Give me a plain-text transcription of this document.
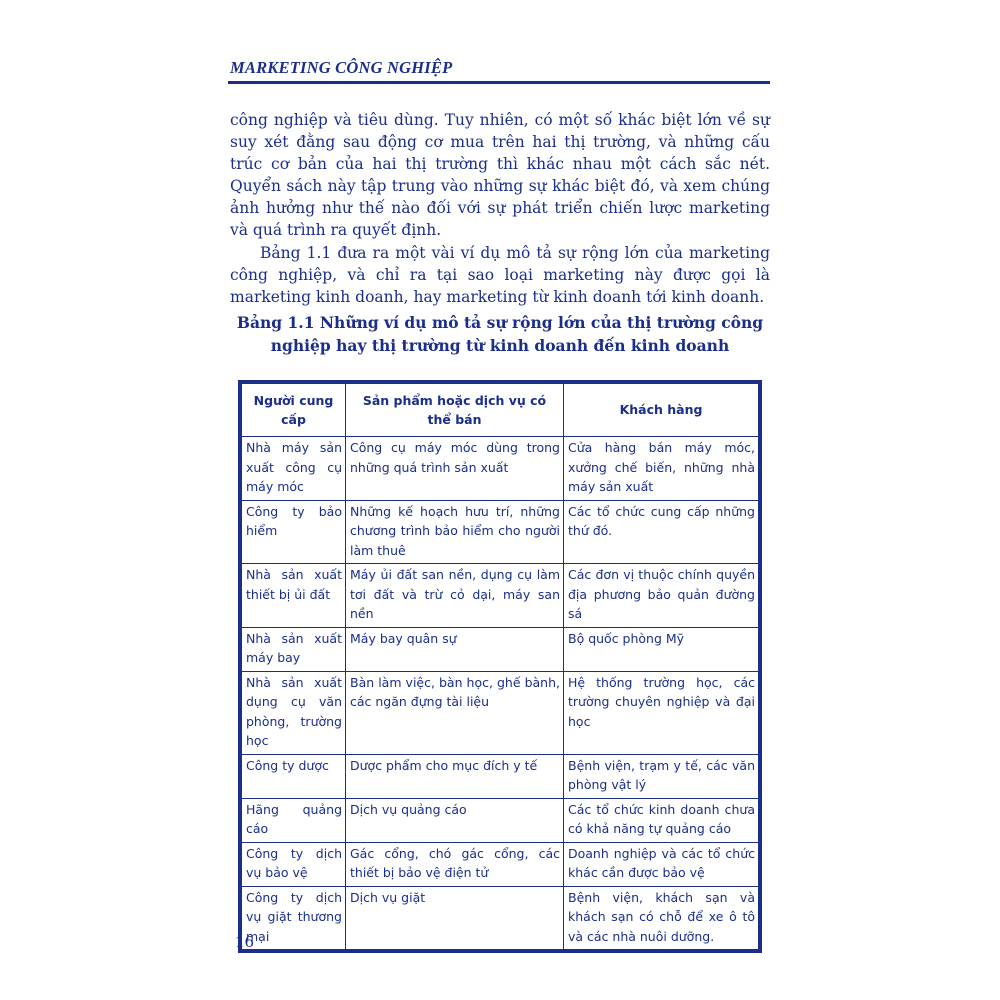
MARKETING CÔNG NGHIỆP

công nghiệp và tiêu dùng. Tuy nhiên, có một số khác biệt lớn về sự suy xét đằng sau động cơ mua trên hai thị trường, và những cấu trúc cơ bản của hai thị trường thì khác nhau một cách sắc nét. Quyển sách này tập trung vào những sự khác biệt đó, và xem chúng ảnh hưởng như thế nào đối với sự phát triển chiến lược marketing và quá trình ra quyết định.

Bảng 1.1 đưa ra một vài ví dụ mô tả sự rộng lớn của marketing công nghiệp, và chỉ ra tại sao loại marketing này được gọi là marketing kinh doanh, hay marketing từ kinh doanh tới kinh doanh.

Bảng 1.1 Những ví dụ mô tả sự rộng lớn của thị trường công
nghiệp hay thị trường từ kinh doanh đến kinh doanh
Người cung cấp	Sản phẩm hoặc dịch vụ có thể bán	Khách hàng
Nhà máy sản xuất công cụ máy móc	Công cụ máy móc dùng trong những quá trình sản xuất	Cửa hàng bán máy móc, xưởng chế biến, những nhà máy sản xuất
Công ty bảo hiểm	Những kế hoạch hưu trí, những chương trình bảo hiểm cho người làm thuê	Các tổ chức cung cấp những thứ đó.
Nhà sản xuất thiết bị ủi đất	Máy ủi đất san nền, dụng cụ làm tơi đất và trừ cỏ dại, máy san nền	Các đơn vị thuộc chính quyền địa phương bảo quản đường sá
Nhà sản xuất máy bay	Máy bay quân sự	Bộ quốc phòng Mỹ
Nhà sản xuất dụng cụ văn phòng, trường học	Bàn làm việc, bàn học, ghế bành, các ngăn đựng tài liệu	Hệ thống trường học, các trường chuyên nghiệp và đại học
Công ty dược	Dược phẩm cho mục đích y tế	Bệnh viện, trạm y tế, các văn phòng vật lý
Hãng quảng cáo	Dịch vụ quảng cáo	Các tổ chức kinh doanh chưa có khả năng tự quảng cáo
Công ty dịch vụ bảo vệ	Gác cổng, chó gác cổng, các thiết bị bảo vệ điện tử	Doanh nghiệp và các tổ chức khác cần được bảo vệ
Công ty dịch vụ giặt thương mại	Dịch vụ giặt	Bệnh viện, khách sạn và khách sạn có chỗ để xe ô tô và các nhà nuôi dưỡng.
16
